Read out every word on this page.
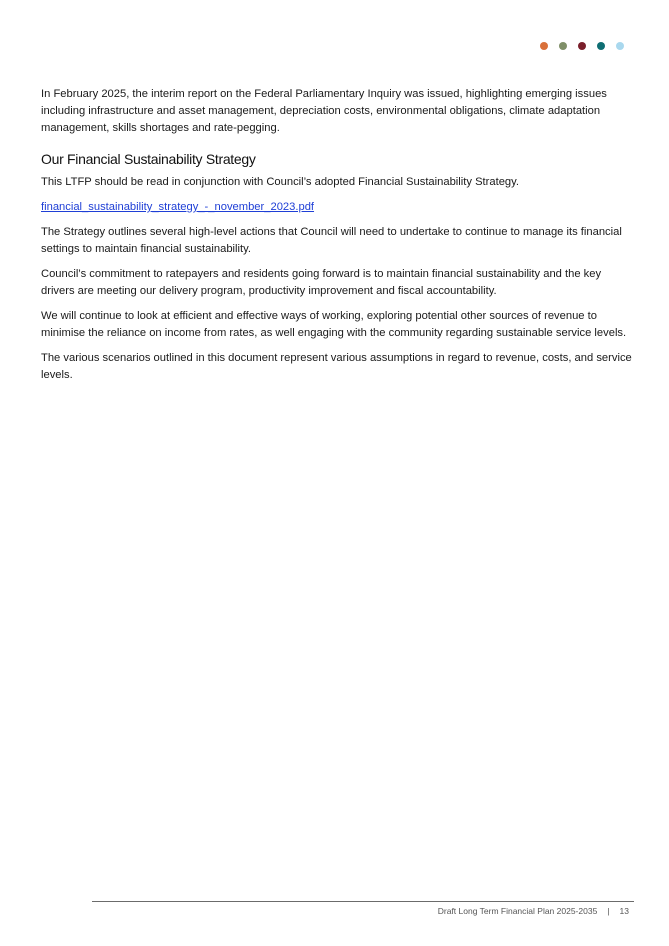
In February 2025, the interim report on the Federal Parliamentary Inquiry was issued, highlighting emerging issues including infrastructure and asset management, depreciation costs, environmental obligations, climate adaptation management, skills shortages and rate-pegging.

Our Financial Sustainability Strategy

This LTFP should be read in conjunction with Council’s adopted Financial Sustainability Strategy.

financial_sustainability_strategy_-_november_2023.pdf

The Strategy outlines several high-level actions that Council will need to undertake to continue to manage its financial settings to maintain financial sustainability.

Council’s commitment to ratepayers and residents going forward is to maintain financial sustainability and the key drivers are meeting our delivery program, productivity improvement and fiscal accountability.

We will continue to look at efficient and effective ways of working, exploring potential other sources of revenue to minimise the reliance on income from rates, as well engaging with the community regarding sustainable service levels.

The various scenarios outlined in this document represent various assumptions in regard to revenue, costs, and service levels.

Draft Long Term Financial Plan 2025-2035 | 13
